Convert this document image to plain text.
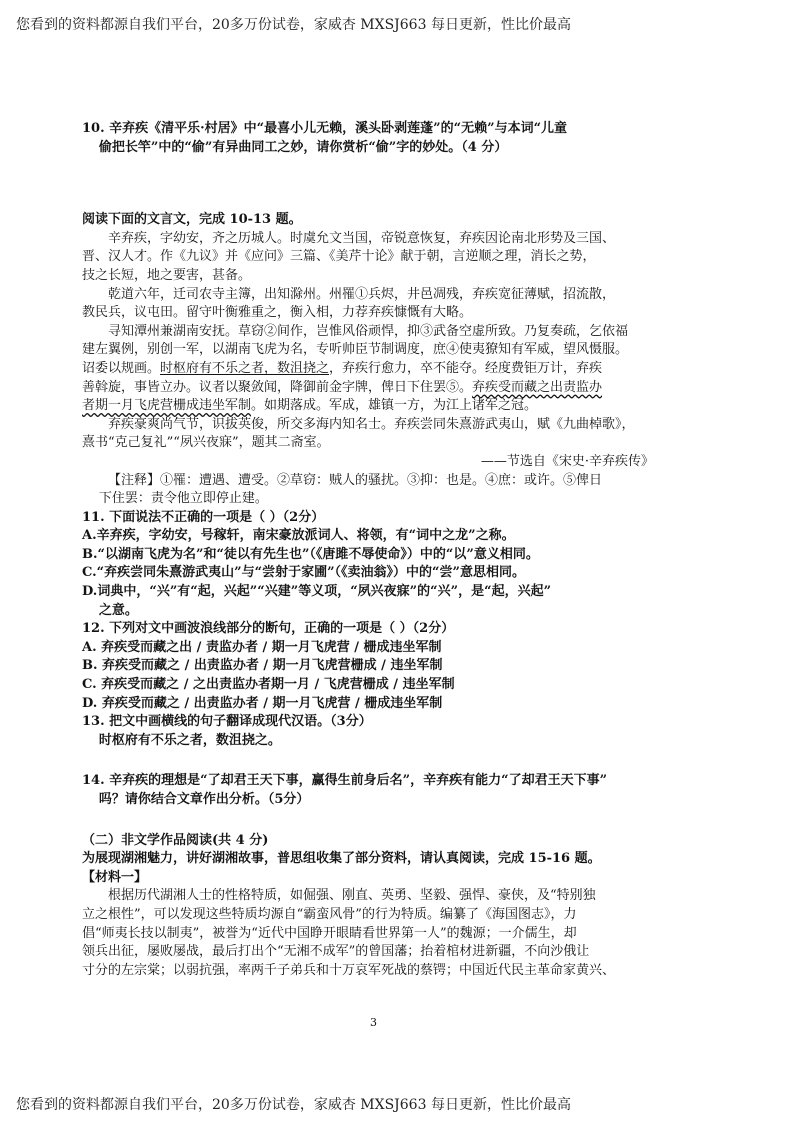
您看到的资料都源自我们平台，20多万份试卷，家威杏 MXSJ663 每日更新，性比价最高

10. 辛弃疾《清平乐·村居》中“最喜小儿无赖，溪头卧剥莲蓬”的“无赖”与本词“儿童

偷把长竿”中的“偷”有异曲同工之妙，请你赏析“偷”字的妙处。（4 分）

阅读下面的文言文，完成 10-13 题。

辛弃疾，字幼安，齐之历城人。时虞允文当国，帝锐意恢复，弃疾因论南北形势及三国、

晋、汉人才。作《九议》并《应问》三篇、《美芹十论》献于朝，言逆顺之理，消长之势，

技之长短，地之要害，甚备。

乾道六年，迁司农寺主簿，出知滁州。州罹①兵烬，井邑凋残，弃疾宽征薄赋，招流散，

教民兵，议屯田。留守叶衡雅重之，衡入相，力荐弃疾慷慨有大略。

寻知潭州兼湖南安抚。草窃②间作，岂惟风俗顽悍，抑③武备空虚所致。乃复奏疏，乞依福

建左翼例，别创一军，以湖南飞虎为名，专听帅臣节制调度，庶④使夷獠知有军威，望风慑服。

诏委以规画。时枢府有不乐之者，数沮挠之，弃疾行愈力，卒不能夺。经度费钜万计，弃疾

善斡旋，事皆立办。议者以聚敛闻，降御前金字牌，俾日下住罢⑤。弃疾受而藏之出责监办

者期一月飞虎营栅成违坐军制。如期落成。军成，雄镇一方，为江上诸军之冠。

弃疾豪爽尚气节，识拔英俊，所交多海内知名士。弃疾尝同朱熹游武夷山，赋《九曲棹歌》，

熹书“克己复礼”“夙兴夜寐”，题其二斋室。

——节选自《宋史·辛弃疾传》

【注释】①罹：遭遇、遭受。②草窃：贼人的骚扰。③抑：也是。④庶：或许。⑤俾日

下住罢：责令他立即停止建。

11. 下面说法不正确的一项是（ ）（2分）

A.辛弃疾，字幼安，号稼轩，南宋豪放派词人、将领，有“词中之龙”之称。

B.“以湖南飞虎为名”和“徒以有先生也”（《唐雎不辱使命》）中的“以”意义相同。

C.“弃疾尝同朱熹游武夷山”与“尝射于家圃”（《卖油翁》）中的“尝”意思相同。

D.词典中，“兴”有“起，兴起”“兴建”等义项，“夙兴夜寐”的“兴”，是“起，兴起”

之意。

12. 下列对文中画波浪线部分的断句，正确的一项是（ ）（2分）

A. 弃疾受而藏之出 / 责监办者 / 期一月飞虎营 / 栅成违坐军制

B. 弃疾受而藏之 / 出责监办者 / 期一月飞虎营栅成 / 违坐军制

C. 弃疾受而藏之 / 之出责监办者期一月 / 飞虎营栅成 / 违坐军制

D. 弃疾受而藏之 / 出责监办者 / 期一月飞虎营 / 栅成违坐军制

13. 把文中画横线的句子翻译成现代汉语。（3分）

时枢府有不乐之者，数沮挠之。

14. 辛弃疾的理想是“了却君王天下事，赢得生前身后名”，辛弃疾有能力“了却君王天下事”

吗？请你结合文章作出分析。（5分）

（二）非文学作品阅读(共 4 分)

为展现湖湘魅力，讲好湖湘故事，普思组收集了部分资料，请认真阅读，完成 15-16 题。

【材料一】

根据历代湖湘人士的性格特质，如倔强、刚直、英勇、坚毅、强悍、豪侠，及“特别独

立之根性”，可以发现这些特质均源自“霸蛮风骨”的行为特质。编纂了《海国图志》，力

倡“师夷长技以制夷”，被誉为“近代中国睁开眼睛看世界第一人”的魏源；一介儒生，却

领兵出征，屡败屡战，最后打出个“无湘不成军”的曾国藩；抬着棺材进新疆，不向沙俄让

寸分的左宗棠；以弱抗强，率两千子弟兵和十万哀军死战的蔡锷；中国近代民主革命家黄兴、

3
您看到的资料都源自我们平台，20多万份试卷，家威杏 MXSJ663 每日更新，性比价最高
